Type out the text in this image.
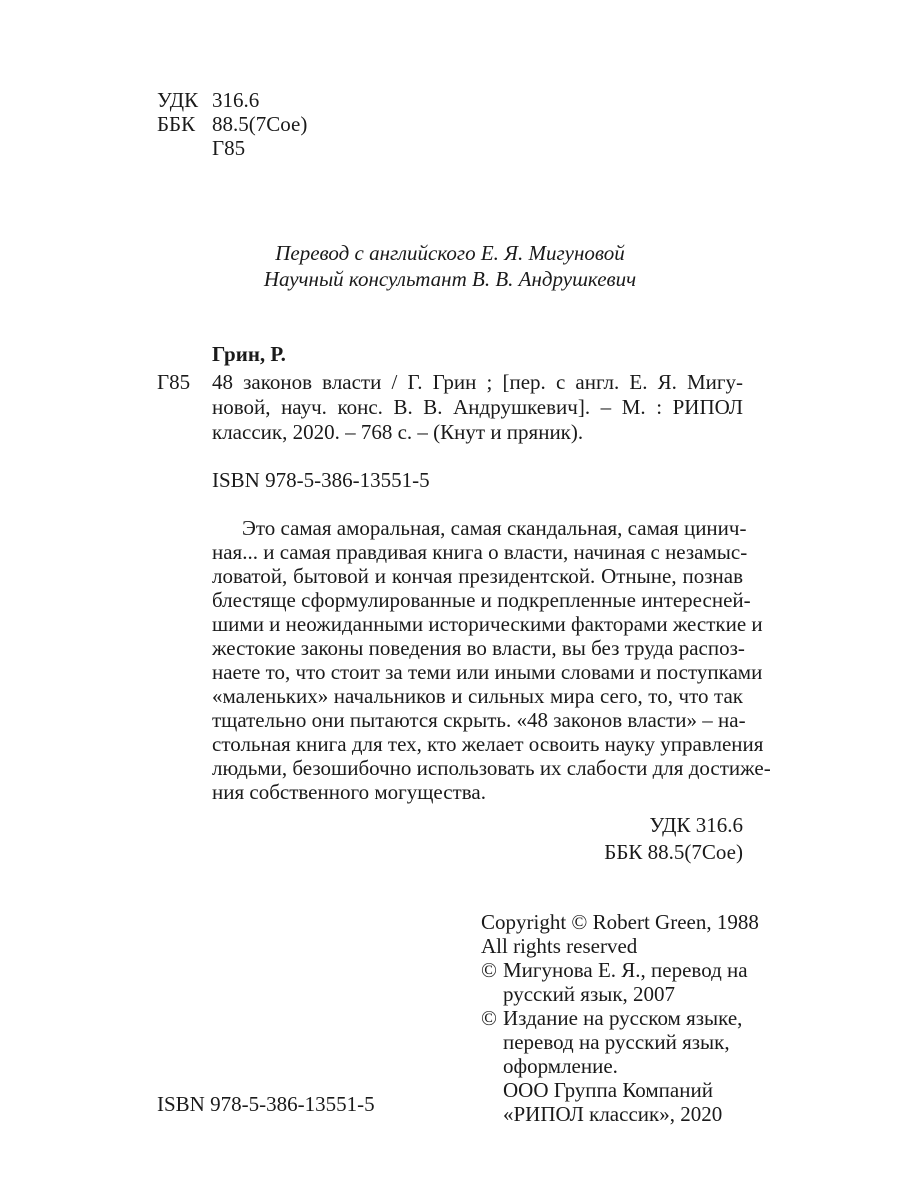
УДК 316.6
ББК 88.5(7Сое)
Г85
Перевод с английского Е. Я. Мигуновой
Научный консультант В. В. Андрушкевич
Грин, Р.
Г85 48 законов власти / Г. Грин ; [пер. с англ. Е. Я. Мигу-
новой, науч. конс. В. В. Андрушкевич]. – М. : РИПОЛ
классик, 2020. – 768 с. – (Кнут и пряник).
ISBN 978-5-386-13551-5
Это самая аморальная, самая скандальная, самая цинич-
ная... и самая правдивая книга о власти, начиная с незамыс-
ловатой, бытовой и кончая президентской. Отныне, познав
блестяще сформулированные и подкрепленные интересней-
шими и неожиданными историческими факторами жесткие и
жестокие законы поведения во власти, вы без труда распоз-
наете то, что стоит за теми или иными словами и поступками
«маленьких» начальников и сильных мира сего, то, что так
тщательно они пытаются скрыть. «48 законов власти» – на-
стольная книга для тех, кто желает освоить науку управления
людьми, безошибочно использовать их слабости для достиже-
ния собственного могущества.
УДК 316.6
ББК 88.5(7Сое)
Copyright © Robert Green, 1988
All rights reserved
© Мигунова Е. Я., перевод на
русский язык, 2007
© Издание на русском языке,
перевод на русский язык,
оформление.
ООО Группа Компаний
«РИПОЛ классик», 2020
ISBN 978-5-386-13551-5
